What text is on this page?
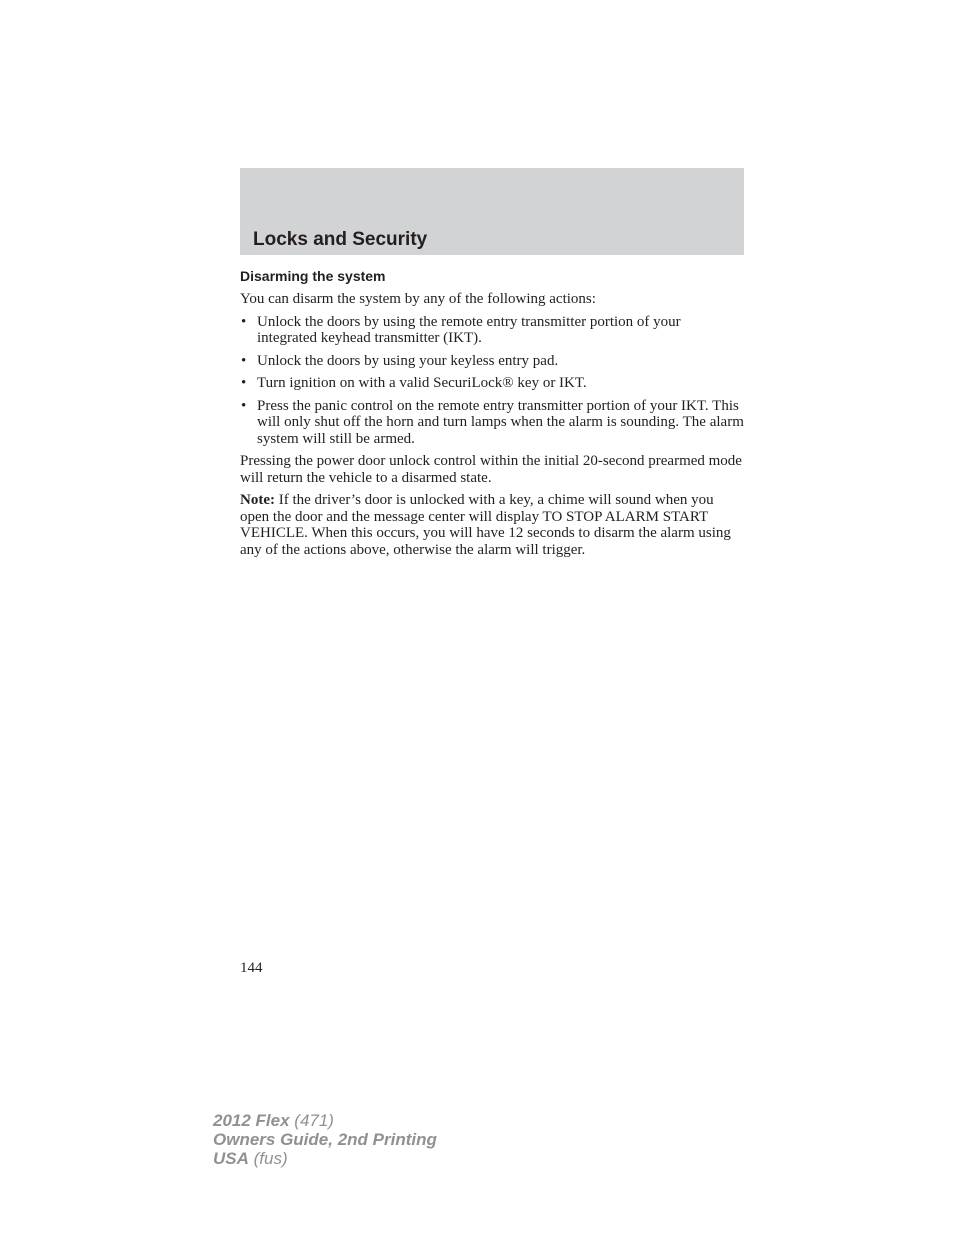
Locks and Security
Disarming the system

You can disarm the system by any of the following actions:

• Unlock the doors by using the remote entry transmitter portion of your integrated keyhead transmitter (IKT).
• Unlock the doors by using your keyless entry pad.
• Turn ignition on with a valid SecuriLock® key or IKT.
• Press the panic control on the remote entry transmitter portion of your IKT. This will only shut off the horn and turn lamps when the alarm is sounding. The alarm system will still be armed.

Pressing the power door unlock control within the initial 20-second prearmed mode will return the vehicle to a disarmed state.

Note: If the driver’s door is unlocked with a key, a chime will sound when you open the door and the message center will display TO STOP ALARM START VEHICLE. When this occurs, you will have 12 seconds to disarm the alarm using any of the actions above, otherwise the alarm will trigger.

144
2012 Flex (471)
Owners Guide, 2nd Printing
USA (fus)
